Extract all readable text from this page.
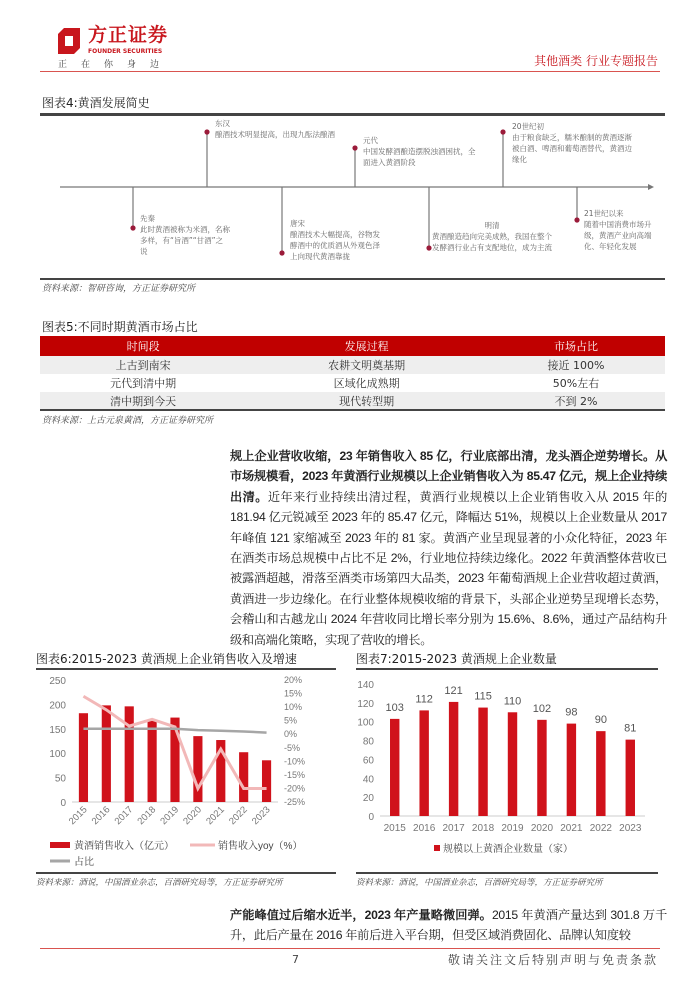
方正证券
FOUNDER SECURITIES
正在你身边	其他酒类 行业专题报告
图表4:黄酒发展简史
先秦
此时黄酒被称为米酒，名称多样，有“旨酒”“甘酒”之说
东汉
酿酒技术明显提高，出现九酝法酿酒
唐宋
酿酒技术大幅提高，谷物发酵酒中的优质酒从外观色泽上向现代黄酒靠拢
元代
中国发酵酒酿造摆脱浊酒困扰，全面进入黄酒阶段
明清
黄酒酿造趋向完美成熟，我国在整个发酵酒行业占有支配地位，成为主流
20世纪初
由于粮食缺乏，糯米酿制的黄酒逐渐被白酒、啤酒和葡萄酒替代，黄酒边缘化
21世纪以来
随着中国消费市场升级，黄酒产业向高端化、年轻化发展
资料来源：智研咨询，方正证券研究所
图表5:不同时期黄酒市场占比
时间段	发展过程	市场占比
上古到南宋	农耕文明奠基期	接近 100%
元代到清中期	区域化成熟期	50%左右
清中期到今天	现代转型期	不到 2%
资料来源：上古元泉黄酒，方正证券研究所
规上企业营收收缩，23 年销售收入 85 亿，行业底部出清，龙头酒企逆势增长。从市场规模看，2023 年黄酒行业规模以上企业销售收入为 85.47 亿元，规上企业持续出清。近年来行业持续出清过程，黄酒行业规模以上企业销售收入从 2015 年的 181.94 亿元锐减至 2023 年的 85.47 亿元，降幅达 51%，规模以上企业数量从 2017 年峰值 121 家缩减至 2023 年的 81 家。黄酒产业呈现显著的小众化特征，2023 年在酒类市场总规模中占比不足 2%，行业地位持续边缘化。2022 年黄酒整体营收已被露酒超越，滑落至酒类市场第四大品类，2023 年葡萄酒规上企业营收超过黄酒，黄酒进一步边缘化。在行业整体规模收缩的背景下，头部企业逆势呈现增长态势，会稽山和古越龙山 2024 年营收同比增长率分别为 15.6%、8.6%，通过产品结构升级和高端化策略，实现了营收的增长。
图表6:2015-2023 黄酒规上企业销售收入及增速
0
50
100
150
200
250
-25%
-20%
-15%
-10%
-5%
0%
5%
10%
15%
20%
2015 2016 2017 2018 2019 2020 2021 2022 2023
黄酒销售收入（亿元）	销售收入yoy（%）
占比
资料来源：酒说，中国酒业杂志，百酒研究局等，方正证券研究所
图表7:2015-2023 黄酒规上企业数量
0
20
40
60
80
100
120
140
103
2015
112
2016
121
2017
115
2018
110
2019
102
2020
98
2021
90
2022
81
2023
规模以上黄酒企业数量（家）
资料来源：酒说，中国酒业杂志，百酒研究局等，方正证券研究所
产能峰值过后缩水近半，2023 年产量略微回弹。2015 年黄酒产量达到 301.8 万千升，此后产量在 2016 年前后进入平台期，但受区域消费固化、品牌认知度较
7	敬请关注文后特别声明与免责条款
